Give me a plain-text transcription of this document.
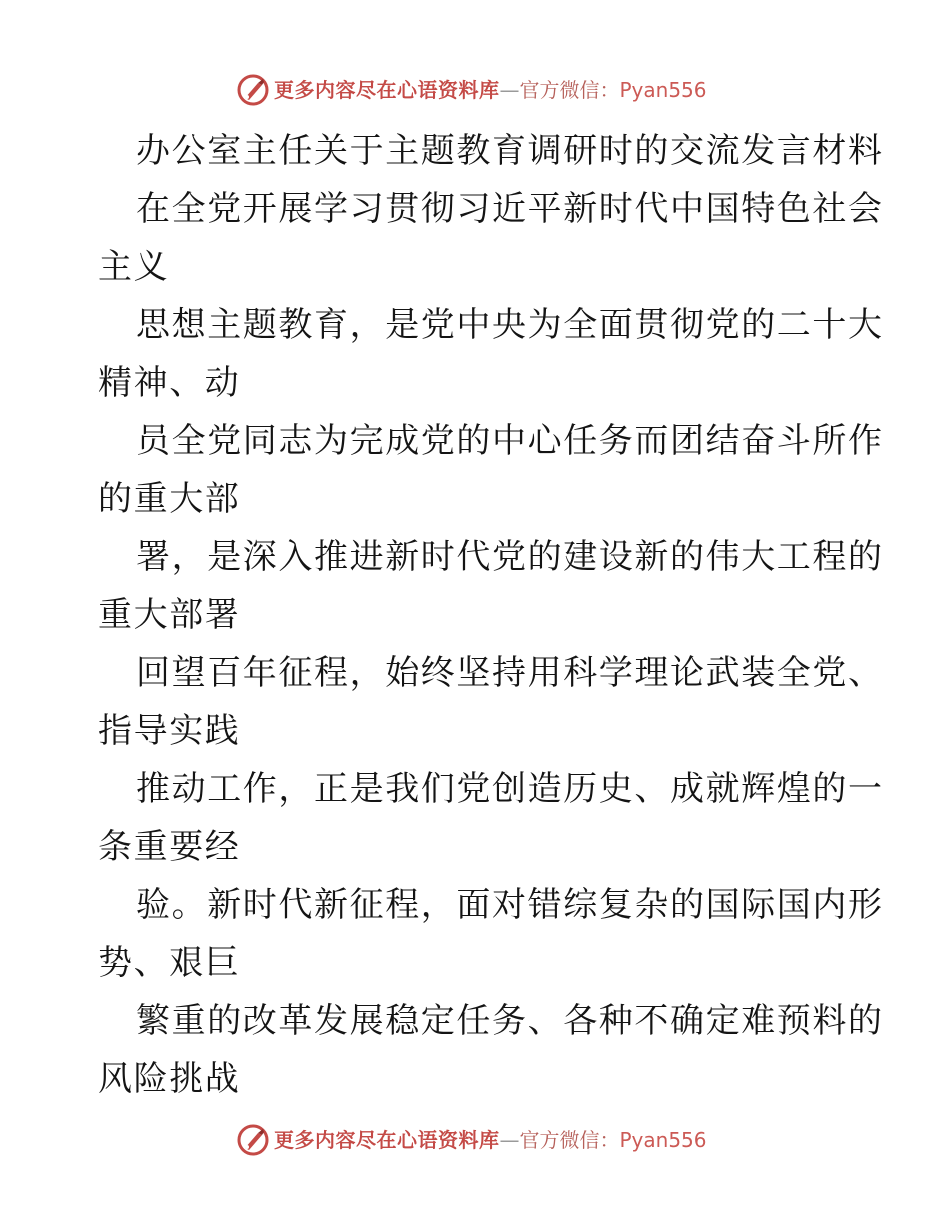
更多内容尽在心语资料库—官方微信：Pyan556
办公室主任关于主题教育调研时的交流发言材料
在全党开展学习贯彻习近平新时代中国特色社会
主义
思想主题教育，是党中央为全面贯彻党的二十大
精神、动
员全党同志为完成党的中心任务而团结奋斗所作
的重大部
署，是深入推进新时代党的建设新的伟大工程的
重大部署
回望百年征程，始终坚持用科学理论武装全党、
指导实践
推动工作，正是我们党创造历史、成就辉煌的一
条重要经
验。新时代新征程，面对错综复杂的国际国内形
势、艰巨
繁重的改革发展稳定任务、各种不确定难预料的
风险挑战
更多内容尽在心语资料库—官方微信：Pyan556
